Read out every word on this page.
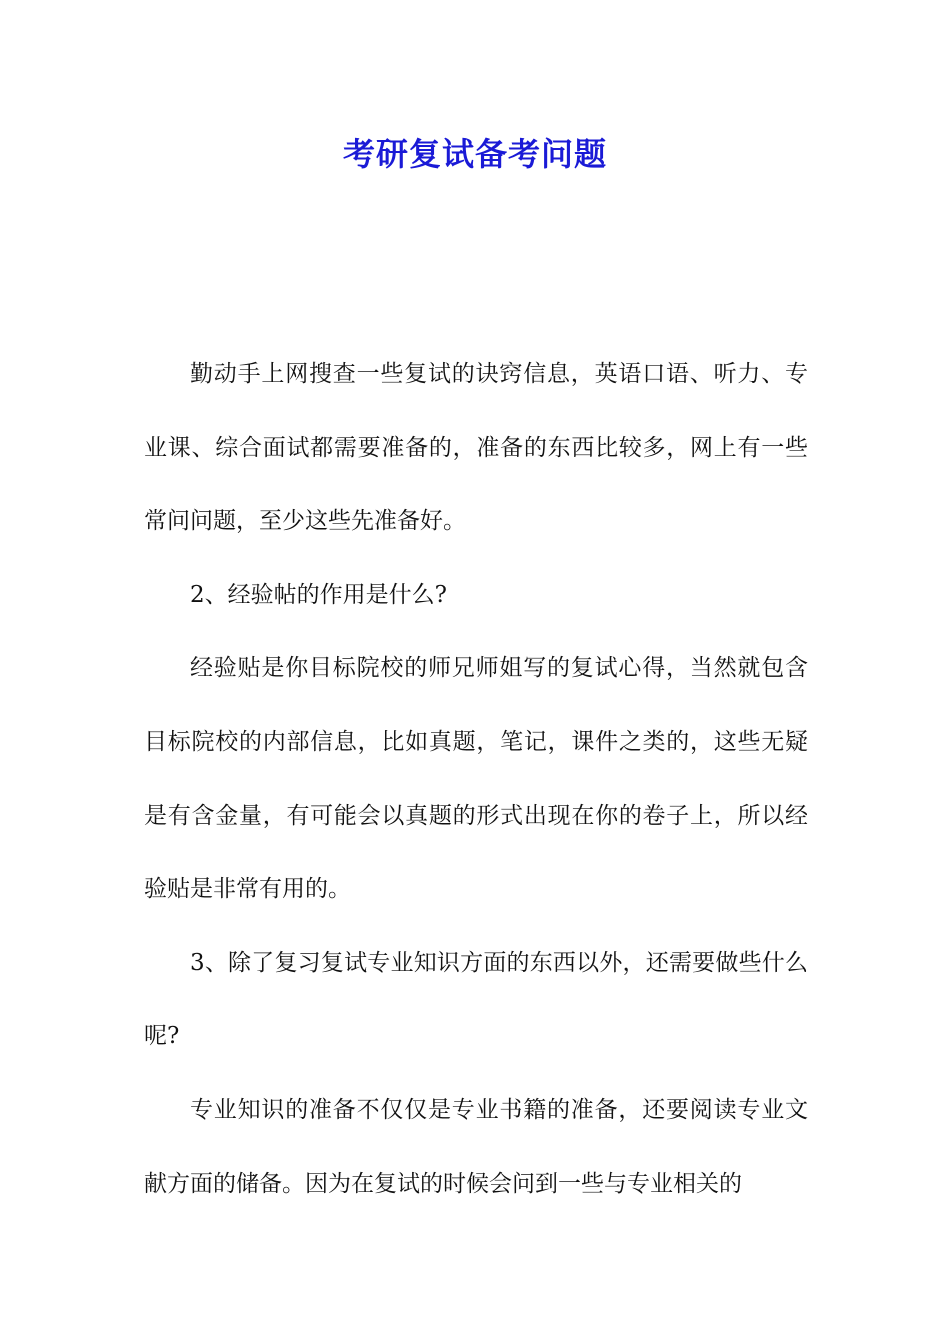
考研复试备考问题

勤动手上网搜查一些复试的诀窍信息，英语口语、听力、专业课、综合面试都需要准备的，准备的东西比较多，网上有一些常问问题，至少这些先准备好。

2、经验帖的作用是什么?

经验贴是你目标院校的师兄师姐写的复试心得，当然就包含目标院校的内部信息，比如真题，笔记，课件之类的，这些无疑是有含金量，有可能会以真题的形式出现在你的卷子上，所以经验贴是非常有用的。

3、除了复习复试专业知识方面的东西以外，还需要做些什么呢?

专业知识的准备不仅仅是专业书籍的准备，还要阅读专业文献方面的储备。因为在复试的时候会问到一些与专业相关的
